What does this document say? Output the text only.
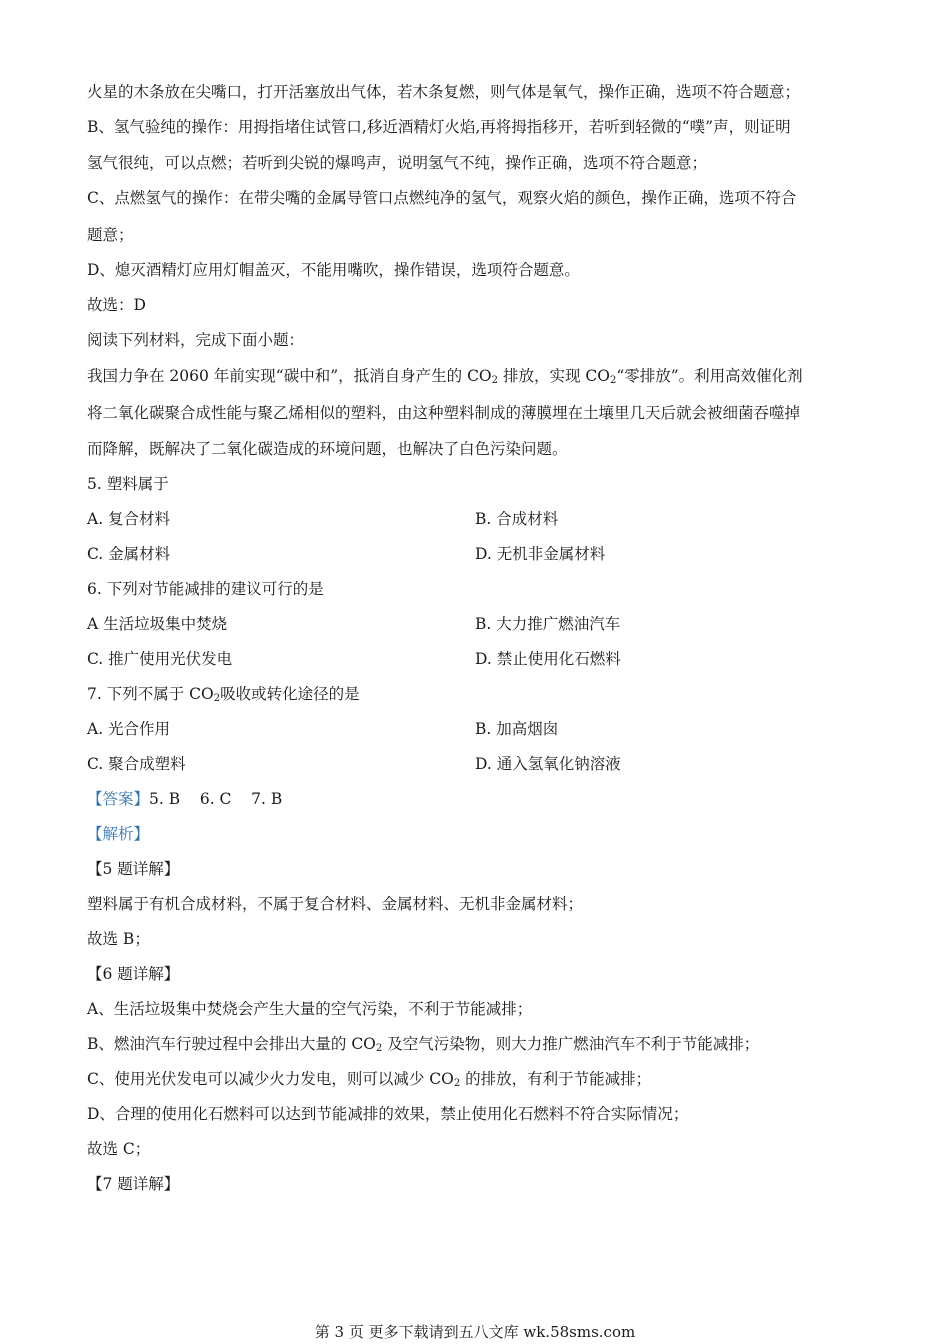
火星的木条放在尖嘴口，打开活塞放出气体，若木条复燃，则气体是氧气，操作正确，选项不符合题意；
B、氢气验纯的操作：用拇指堵住试管口,移近酒精灯火焰,再将拇指移开，若听到轻微的“噗”声，则证明
氢气很纯，可以点燃；若听到尖锐的爆鸣声，说明氢气不纯，操作正确，选项不符合题意；
C、点燃氢气的操作：在带尖嘴的金属导管口点燃纯净的氢气，观察火焰的颜色，操作正确，选项不符合
题意；
D、熄灭酒精灯应用灯帽盖灭，不能用嘴吹，操作错误，选项符合题意。
故选：D
阅读下列材料，完成下面小题：
我国力争在 2060 年前实现“碳中和”，抵消自身产生的 $CO_2$ 排放，实现 $CO_2“$零排放”。利用高效催化剂
将二氧化碳聚合成性能与聚乙烯相似的塑料，由这种塑料制成的薄膜埋在土壤里几天后就会被细菌吞噬掉
而降解，既解决了二氧化碳造成的环境问题，也解决了白色污染问题。
5. 塑料属于
A. 复合材料	B. 合成材料
C. 金属材料	D. 无机非金属材料
6. 下列对节能减排的建议可行的是
A 生活垃圾集中焚烧	B. 大力推广燃油汽车
C. 推广使用光伏发电	D. 禁止使用化石燃料
7. 下列不属于 $CO_2$吸收或转化途径的是
A. 光合作用	B. 加高烟囱
C. 聚合成塑料	D. 通入氢氧化钠溶液
【答案】5. B    6. C    7. B
【解析】
【5 题详解】
塑料属于有机合成材料，不属于复合材料、金属材料、无机非金属材料；
故选 B；
【6 题详解】
A、生活垃圾集中焚烧会产生大量的空气污染，不利于节能减排；
B、燃油汽车行驶过程中会排出大量的 $CO_2$ 及空气污染物，则大力推广燃油汽车不利于节能减排；
C、使用光伏发电可以减少火力发电，则可以减少 $CO_2$ 的排放，有利于节能减排；
D、合理的使用化石燃料可以达到节能减排的效果，禁止使用化石燃料不符合实际情况；
故选 C；
【7 题详解】
第 3 页 更多下载请到五八文库 wk.58sms.com
